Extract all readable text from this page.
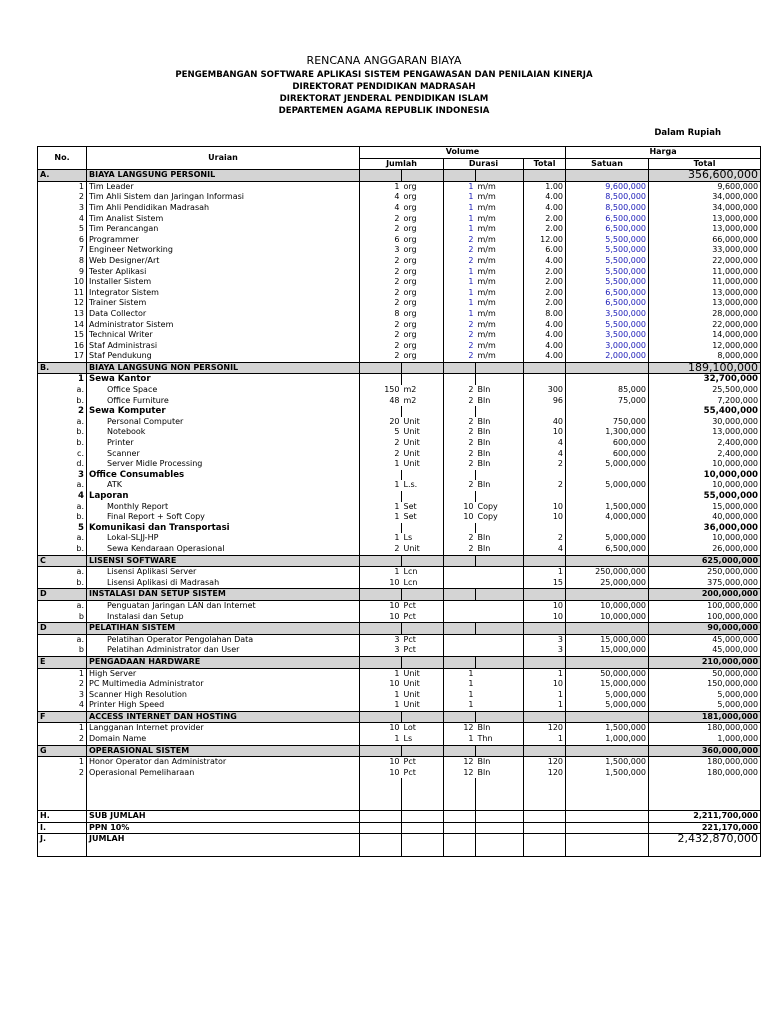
RENCANA ANGGARAN BIAYA
PENGEMBANGAN SOFTWARE APLIKASI SISTEM PENGAWASAN DAN PENILAIAN KINERJA
DIREKTORAT PENDIDIKAN MADRASAH
DIREKTORAT JENDERAL PENDIDIKAN ISLAM
DEPARTEMEN AGAMA REPUBLIK INDONESIA
Dalam Rupiah
No.	Uraian	Volume					Harga	
		Jumlah		Durasi		Total	Satuan	Total
A.	BIAYA LANGSUNG PERSONIL							356,600,000
1	Tim Leader	1	org	1	m/m	1.00	9,600,000	9,600,000
2	Tim Ahli Sistem dan Jaringan Informasi	4	org	1	m/m	4.00	8,500,000	34,000,000
3	Tim Ahli Pendidikan Madrasah	4	org	1	m/m	4.00	8,500,000	34,000,000
4	Tim Analist Sistem	2	org	1	m/m	2.00	6,500,000	13,000,000
5	Tim Perancangan	2	org	1	m/m	2.00	6,500,000	13,000,000
6	Programmer	6	org	2	m/m	12.00	5,500,000	66,000,000
7	Engineer Networking	3	org	2	m/m	6.00	5,500,000	33,000,000
8	Web Designer/Art	2	org	2	m/m	4.00	5,500,000	22,000,000
9	Tester Aplikasi	2	org	1	m/m	2.00	5,500,000	11,000,000
10	Installer Sistem	2	org	1	m/m	2.00	5,500,000	11,000,000
11	Integrator Sistem	2	org	1	m/m	2.00	6,500,000	13,000,000
12	Trainer Sistem	2	org	1	m/m	2.00	6,500,000	13,000,000
13	Data Collector	8	org	1	m/m	8.00	3,500,000	28,000,000
14	Administrator Sistem	2	org	2	m/m	4.00	5,500,000	22,000,000
15	Technical Writer	2	org	2	m/m	4.00	3,500,000	14,000,000
16	Staf Administrasi	2	org	2	m/m	4.00	3,000,000	12,000,000
17	Staf Pendukung	2	org	2	m/m	4.00	2,000,000	8,000,000
B.	BIAYA LANGSUNG NON PERSONIL							189,100,000
1	Sewa Kantor							32,700,000
a.	Office Space	150	m2	2	Bln	300	85,000	25,500,000
b.	Office Furniture	48	m2	2	Bln	96	75,000	7,200,000
2	Sewa Komputer							55,400,000
a.	Personal Computer	20	Unit	2	Bln	40	750,000	30,000,000
b.	Notebook	5	Unit	2	Bln	10	1,300,000	13,000,000
b.	Printer	2	Unit	2	Bln	4	600,000	2,400,000
c.	Scanner	2	Unit	2	Bln	4	600,000	2,400,000
d.	Server Midle Processing	1	Unit	2	Bln	2	5,000,000	10,000,000
3	Office Consumables							10,000,000
a.	ATK	1	L.s.	2	Bln	2	5,000,000	10,000,000
4	Laporan							55,000,000
a.	Monthly Report	1	Set	10	Copy	10	1,500,000	15,000,000
b.	Final Report + Soft Copy	1	Set	10	Copy	10	4,000,000	40,000,000
5	Komunikasi dan Transportasi							36,000,000
a.	Lokal-SLJJ-HP	1	Ls	2	Bln	2	5,000,000	10,000,000
b.	Sewa Kendaraan Operasional	2	Unit	2	Bln	4	6,500,000	26,000,000
C	LISENSI SOFTWARE							625,000,000
a.	Lisensi Aplikasi Server	1	Lcn			1	250,000,000	250,000,000
b.	Lisensi Aplikasi di Madrasah	10	Lcn			15	25,000,000	375,000,000
D	INSTALASI DAN SETUP SISTEM							200,000,000
a.	Penguatan Jaringan LAN dan Internet	10	Pct			10	10,000,000	100,000,000
b	Instalasi dan Setup	10	Pct			10	10,000,000	100,000,000
D	PELATIHAN SISTEM							90,000,000
a.	Pelatihan Operator Pengolahan Data	3	Pct			3	15,000,000	45,000,000
b	Pelatihan Administrator dan User	3	Pct			3	15,000,000	45,000,000
E	PENGADAAN HARDWARE							210,000,000
1	High Server	1	Unit	1		1	50,000,000	50,000,000
2	PC Multimedia Administrator	10	Unit	1		10	15,000,000	150,000,000
3	Scanner High Resolution	1	Unit	1		1	5,000,000	5,000,000
4	Printer High Speed	1	Unit	1		1	5,000,000	5,000,000
F	ACCESS INTERNET DAN HOSTING							181,000,000
1	Langganan Internet provider	10	Lot	12	Bln	120	1,500,000	180,000,000
2	Domain Name	1	Ls	1	Thn	1	1,000,000	1,000,000
G	OPERASIONAL SISTEM							360,000,000
1	Honor Operator dan Administrator	10	Pct	12	Bln	120	1,500,000	180,000,000
2	Operasional Pemeliharaan	10	Pct	12	Bln	120	1,500,000	180,000,000

H.	SUB JUMLAH							2,211,700,000
I.	PPN 10%							221,170,000
J.	JUMLAH							2,432,870,000
